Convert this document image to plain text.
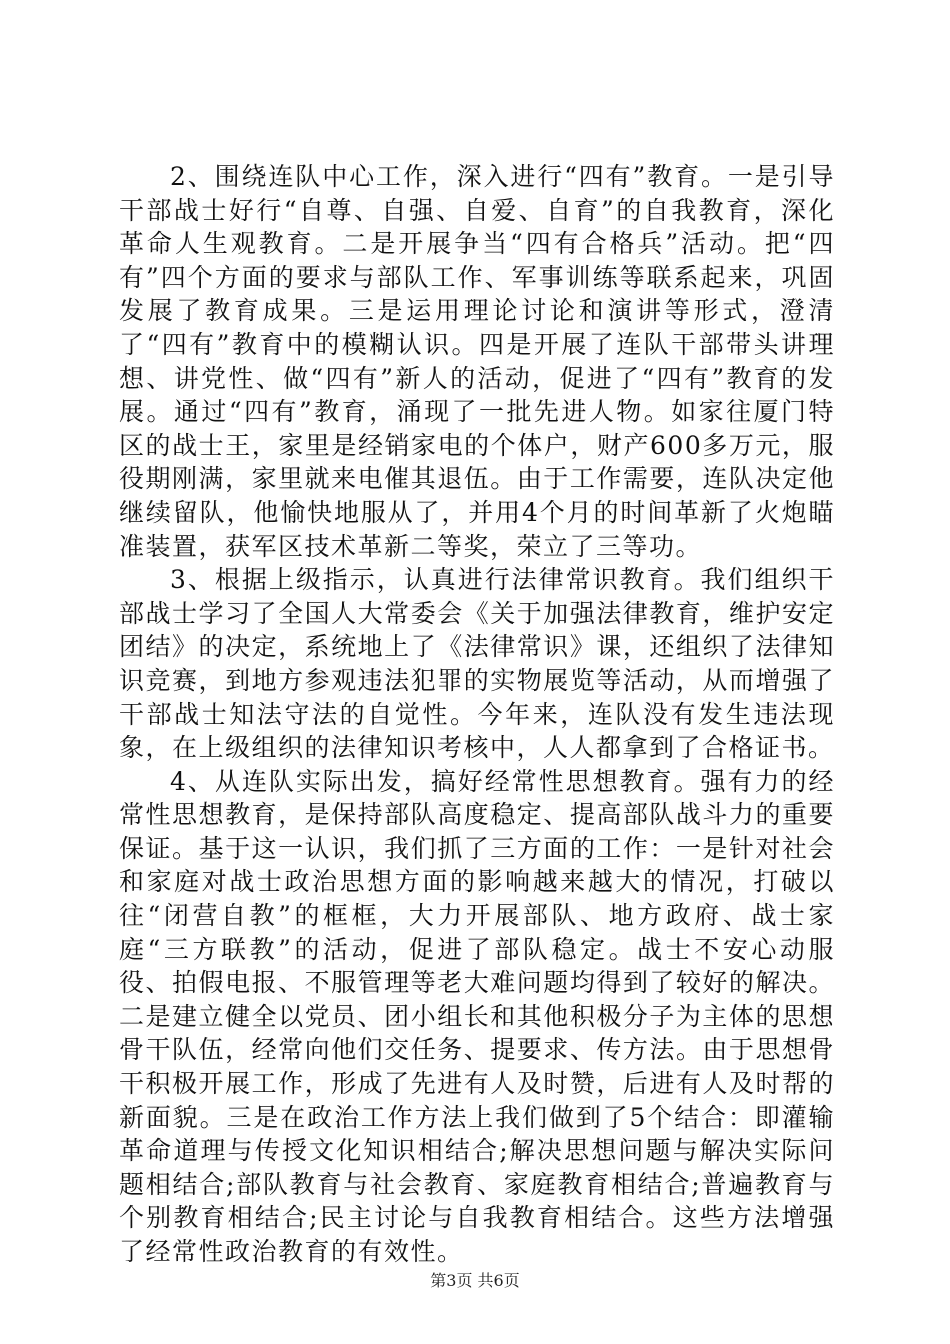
2、围绕连队中心工作，深入进行“四有”教育。一是引导干部战士好行“自尊、自强、自爱、自育”的自我教育，深化革命人生观教育。二是开展争当“四有合格兵”活动。把“四有”四个方面的要求与部队工作、军事训练等联系起来，巩固发展了教育成果。三是运用理论讨论和演讲等形式，澄清了“四有”教育中的模糊认识。四是开展了连队干部带头讲理想、讲党性、做“四有”新人的活动，促进了“四有”教育的发展。通过“四有”教育，涌现了一批先进人物。如家往厦门特区的战士王，家里是经销家电的个体户，财产600多万元，服役期刚满，家里就来电催其退伍。由于工作需要，连队决定他继续留队，他愉快地服从了，并用4个月的时间革新了火炮瞄准装置，获军区技术革新二等奖，荣立了三等功。

3、根据上级指示，认真进行法律常识教育。我们组织干部战士学习了全国人大常委会《关于加强法律教育，维护安定团结》的决定，系统地上了《法律常识》课，还组织了法律知识竞赛，到地方参观违法犯罪的实物展览等活动，从而增强了干部战士知法守法的自觉性。今年来，连队没有发生违法现象，在上级组织的法律知识考核中，人人都拿到了合格证书。

4、从连队实际出发，搞好经常性思想教育。强有力的经常性思想教育，是保持部队高度稳定、提高部队战斗力的重要保证。基于这一认识，我们抓了三方面的工作：一是针对社会和家庭对战士政治思想方面的影响越来越大的情况，打破以往“闭营自教”的框框，大力开展部队、地方政府、战士家庭“三方联教”的活动，促进了部队稳定。战士不安心动服役、拍假电报、不服管理等老大难问题均得到了较好的解决。二是建立健全以党员、团小组长和其他积极分子为主体的思想骨干队伍，经常向他们交任务、提要求、传方法。由于思想骨干积极开展工作，形成了先进有人及时赞，后进有人及时帮的新面貌。三是在政治工作方法上我们做到了5个结合：即灌输革命道理与传授文化知识相结合;解决思想问题与解决实际问题相结合;部队教育与社会教育、家庭教育相结合;普遍教育与个别教育相结合;民主讨论与自我教育相结合。这些方法增强了经常性政治教育的有效性。

第3页 共6页
